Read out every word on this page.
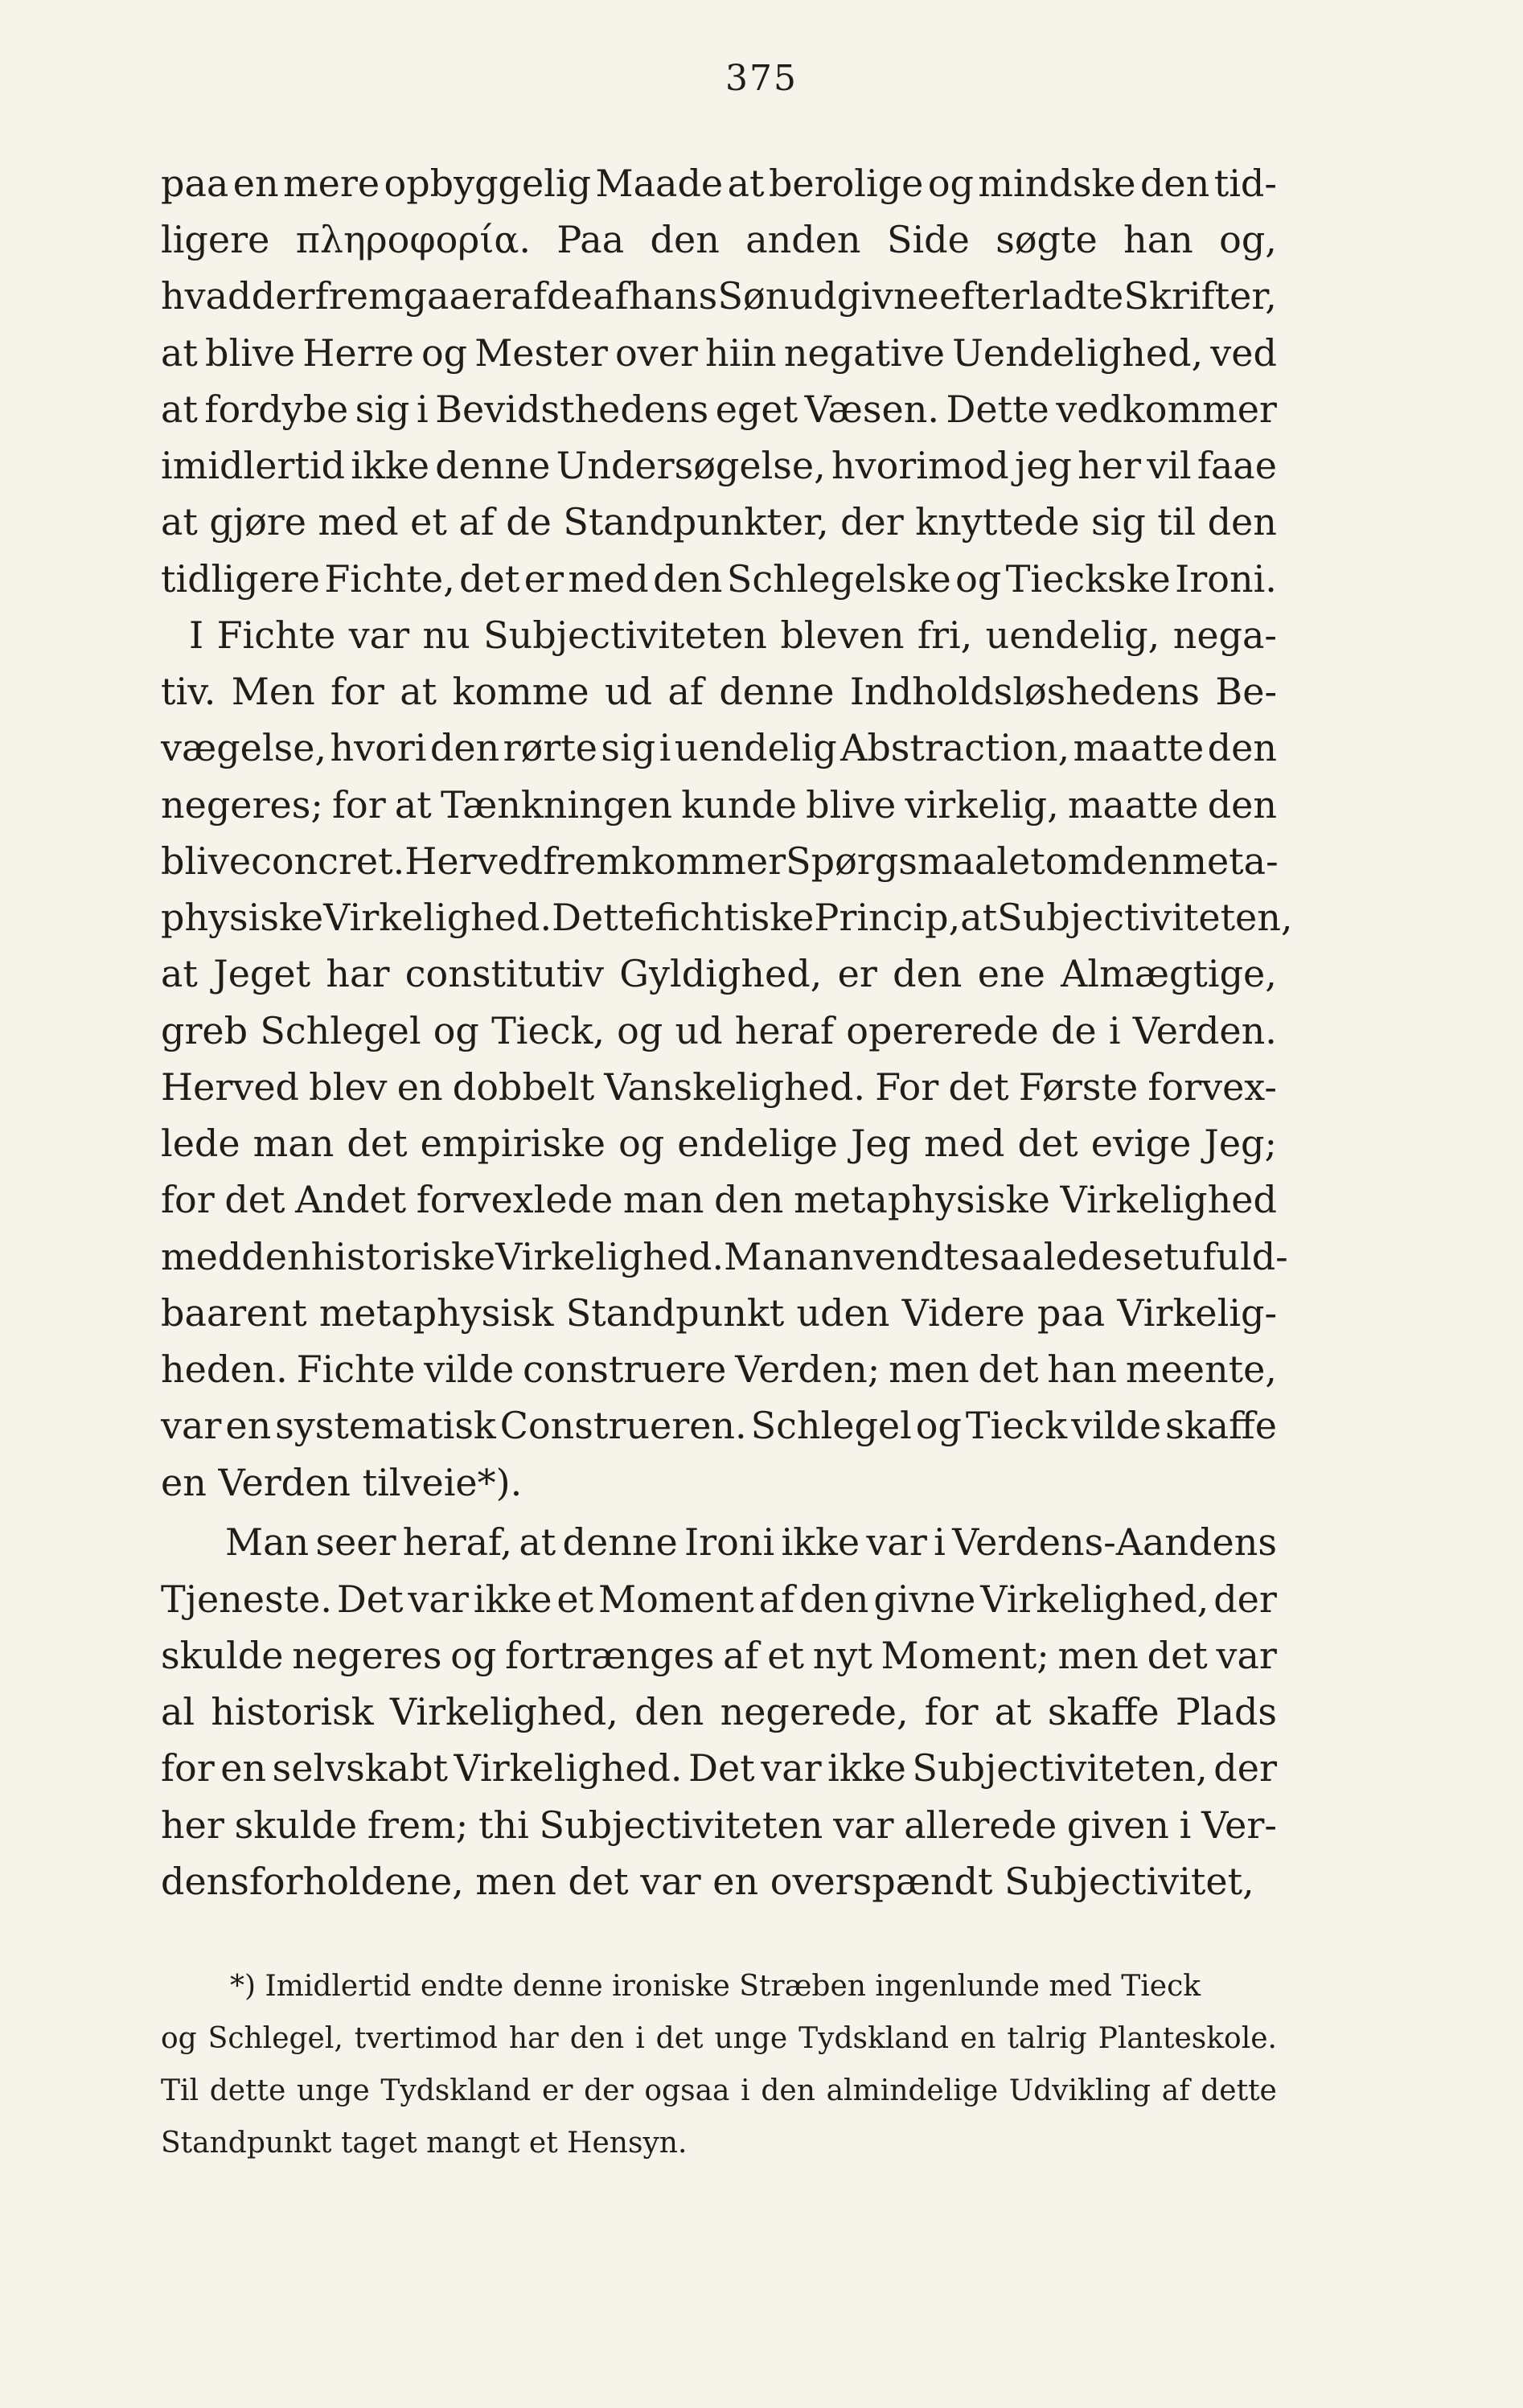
375
paa en mere opbyggelig Maade at berolige og mindske den tid-
ligere πληροφορία. Paa den anden Side søgte han og,
hvad der fremgaaer af de af hans Søn udgivne efterladte Skrifter,
at blive Herre og Mester over hiin negative Uendelighed, ved
at fordybe sig i Bevidsthedens eget Væsen. Dette vedkommer
imidlertid ikke denne Undersøgelse, hvorimod jeg her vil faae
at gjøre med et af de Standpunkter, der knyttede sig til den
tidligere Fichte, det er med den Schlegelske og Tieckske Ironi.
I Fichte var nu Subjectiviteten bleven fri, uendelig, nega-
tiv. Men for at komme ud af denne Indholdsløshedens Be-
vægelse, hvori den rørte sig i uendelig Abstraction, maatte den
negeres; for at Tænkningen kunde blive virkelig, maatte den
blive concret. Herved fremkommer Spørgsmaalet om den meta-
physiske Virkelighed. Dette fichtiske Princip, at Subjectiviteten,
at Jeget har constitutiv Gyldighed, er den ene Almægtige,
greb Schlegel og Tieck, og ud heraf opererede de i Verden.
Herved blev en dobbelt Vanskelighed. For det Første forvex-
lede man det empiriske og endelige Jeg med det evige Jeg;
for det Andet forvexlede man den metaphysiske Virkelighed
med den historiske Virkelighed. Man anvendte saaledes et ufuld-
baarent metaphysisk Standpunkt uden Videre paa Virkelig-
heden. Fichte vilde construere Verden; men det han meente,
var en systematisk Construeren. Schlegel og Tieck vilde skaffe
en Verden tilveie*).
Man seer heraf, at denne Ironi ikke var i Verdens-Aandens
Tjeneste. Det var ikke et Moment af den givne Virkelighed, der
skulde negeres og fortrænges af et nyt Moment; men det var
al historisk Virkelighed, den negerede, for at skaffe Plads
for en selvskabt Virkelighed. Det var ikke Subjectiviteten, der
her skulde frem; thi Subjectiviteten var allerede given i Ver-
densforholdene, men det var en overspændt Subjectivitet,
*) Imidlertid endte denne ironiske Stræben ingenlunde med Tieck
og Schlegel, tvertimod har den i det unge Tydskland en talrig Planteskole.
Til dette unge Tydskland er der ogsaa i den almindelige Udvikling af dette
Standpunkt taget mangt et Hensyn.
